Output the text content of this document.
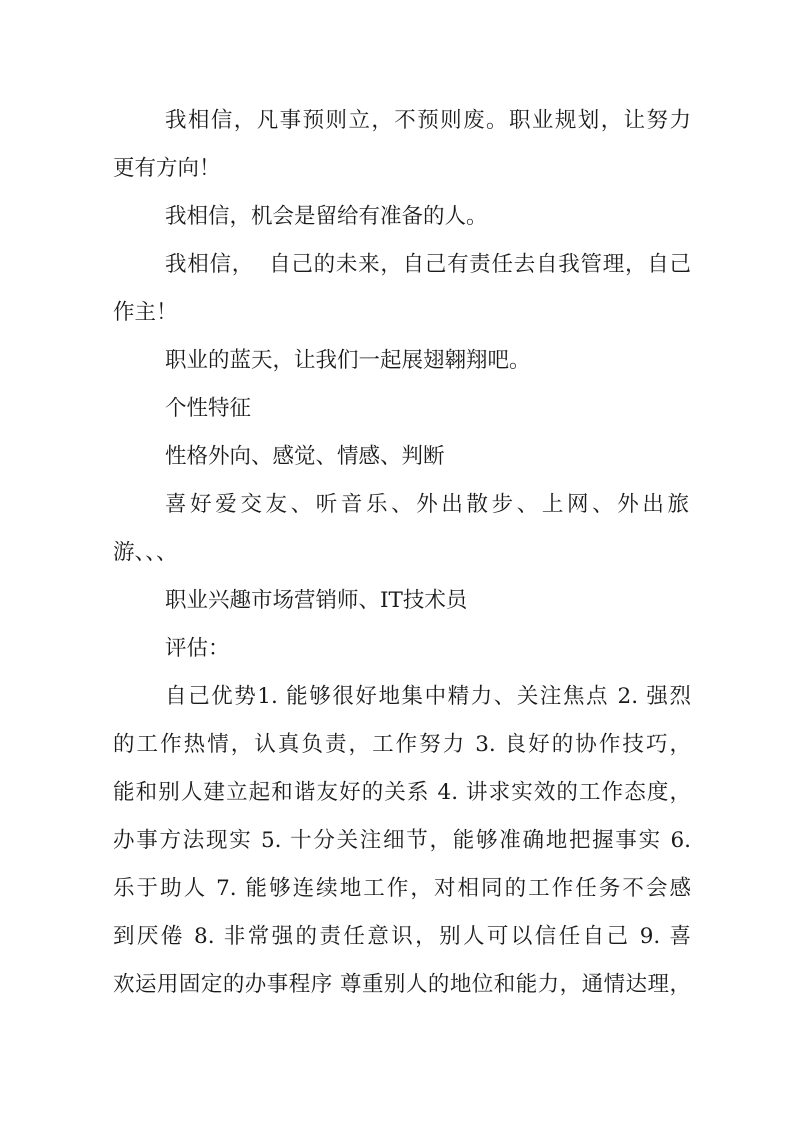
我相信，凡事预则立，不预则废。职业规划，让努力
更有方向！
我相信，机会是留给有准备的人。
我相信，  自己的未来，自己有责任去自我管理，自己
作主！
职业的蓝天，让我们一起展翅翱翔吧。
个性特征
性格外向、感觉、情感、判断
喜好爱交友、听音乐、外出散步、上网、外出旅
游、、、
职业兴趣市场营销师、IT技术员
评估：
自己优势1. 能够很好地集中精力、关注焦点 2. 强烈
的工作热情，认真负责，工作努力 3. 良好的协作技巧，
能和别人建立起和谐友好的关系 4. 讲求实效的工作态度，
办事方法现实 5. 十分关注细节，能够准确地把握事实 6.
乐于助人 7. 能够连续地工作，对相同的工作任务不会感
到厌倦 8. 非常强的责任意识，别人可以信任自己 9. 喜
欢运用固定的办事程序 尊重别人的地位和能力，通情达理，
